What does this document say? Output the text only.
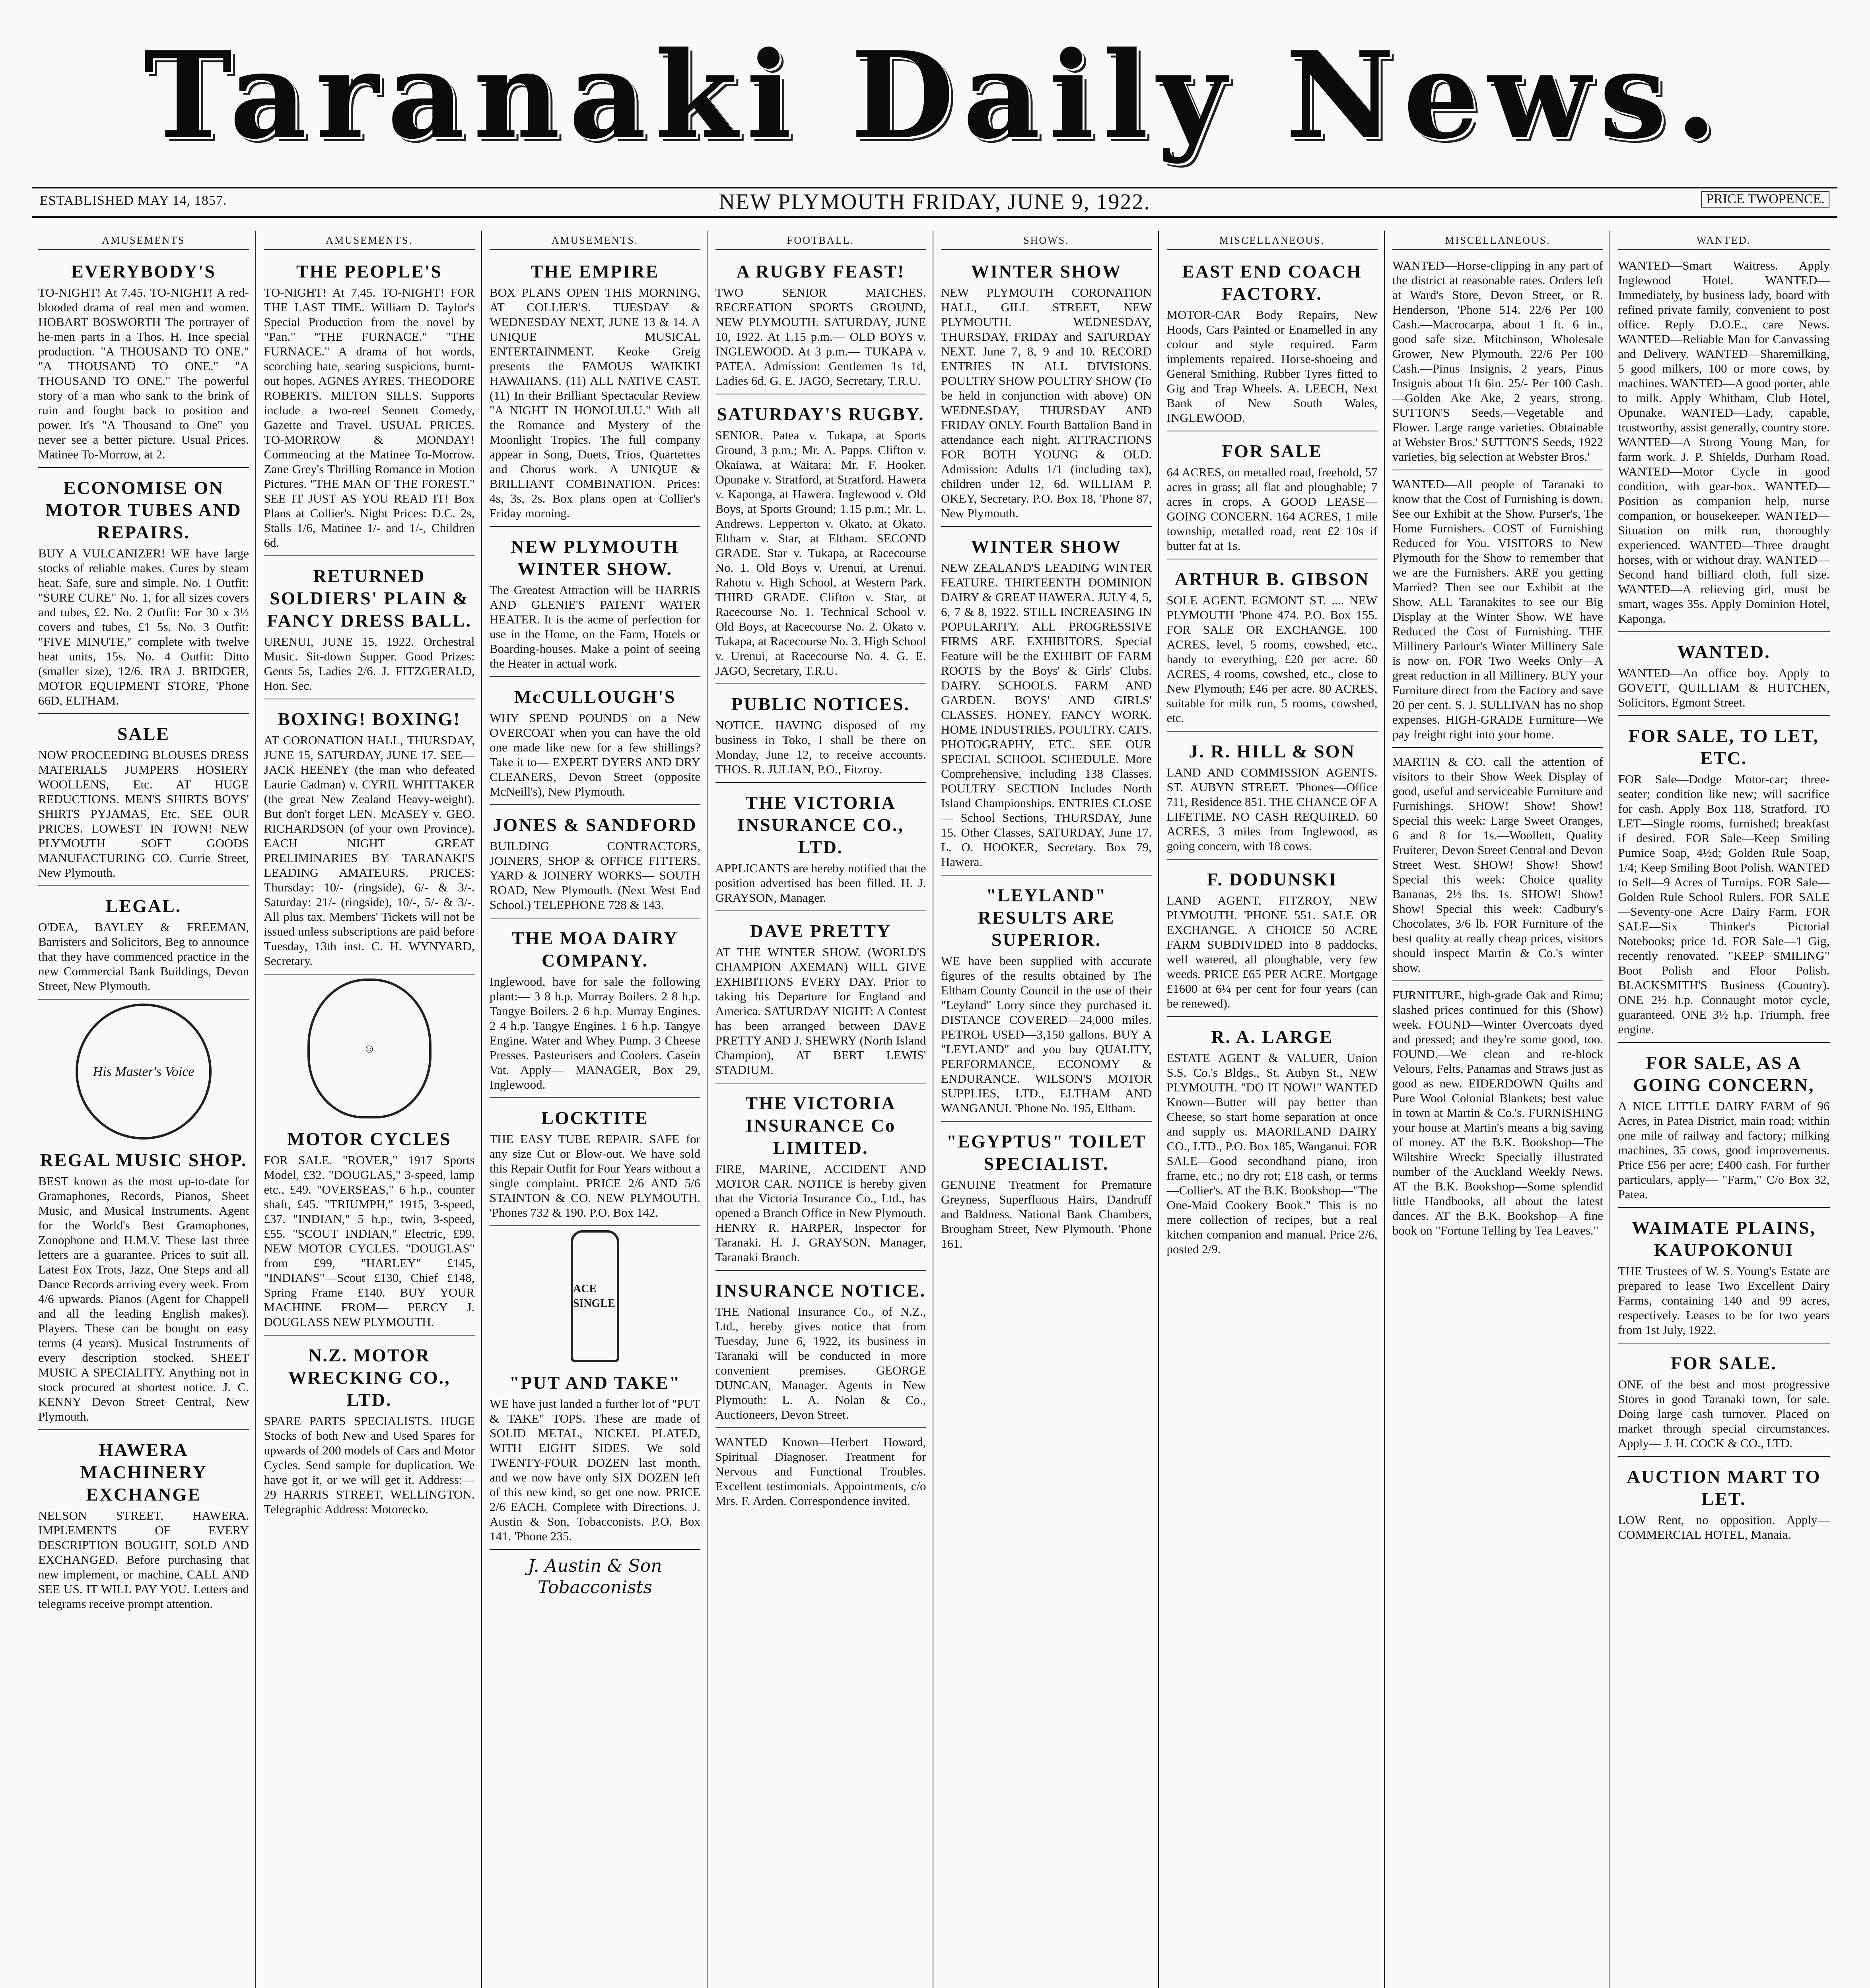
Taranaki Daily News.
ESTABLISHED MAY 14, 1857.	NEW PLYMOUTH FRIDAY, JUNE 9, 1922.	PRICE TWOPENCE.
AMUSEMENTS
EVERYBODY'S
TO-NIGHT! At 7.45. TO-NIGHT! A red-blooded drama of real men and women. HOBART BOSWORTH The portrayer of he-men parts in a Thos. H. Ince special production. "A THOUSAND TO ONE." "A THOUSAND TO ONE." "A THOUSAND TO ONE." The powerful story of a man who sank to the brink of ruin and fought back to position and power. It's "A Thousand to One" you never see a better picture. Usual Prices. Matinee To-Morrow, at 2.
ECONOMISE ON MOTOR TUBES AND REPAIRS.
BUY A VULCANIZER! WE have large stocks of reliable makes. Cures by steam heat. Safe, sure and simple. No. 1 Outfit: "SURE CURE" No. 1, for all sizes covers and tubes, £2. No. 2 Outfit: For 30 x 3½ covers and tubes, £1 5s. No. 3 Outfit: "FIVE MINUTE," complete with twelve heat units, 15s. No. 4 Outfit: Ditto (smaller size), 12/6. IRA J. BRIDGER, MOTOR EQUIPMENT STORE, 'Phone 66D, ELTHAM.
SALE
NOW PROCEEDING BLOUSES DRESS MATERIALS JUMPERS HOSIERY WOOLLENS, Etc. AT HUGE REDUCTIONS. MEN'S SHIRTS BOYS' SHIRTS PYJAMAS, Etc. SEE OUR PRICES. LOWEST IN TOWN! NEW PLYMOUTH SOFT GOODS MANUFACTURING CO. Currie Street, New Plymouth.
LEGAL.
O'DEA, BAYLEY & FREEMAN, Barristers and Solicitors, Beg to announce that they have commenced practice in the new Commercial Bank Buildings, Devon Street, New Plymouth.
His Master's Voice
REGAL MUSIC SHOP.
BEST known as the most up-to-date for Gramaphones, Records, Pianos, Sheet Music, and Musical Instruments. Agent for the World's Best Gramophones, Zonophone and H.M.V. These last three letters are a guarantee. Prices to suit all. Latest Fox Trots, Jazz, One Steps and all Dance Records arriving every week. From 4/6 upwards. Pianos (Agent for Chappell and all the leading English makes). Players. These can be bought on easy terms (4 years). Musical Instruments of every description stocked. SHEET MUSIC A SPECIALITY. Anything not in stock procured at shortest notice. J. C. KENNY Devon Street Central, New Plymouth.
HAWERA MACHINERY EXCHANGE
NELSON STREET, HAWERA. IMPLEMENTS OF EVERY DESCRIPTION BOUGHT, SOLD AND EXCHANGED. Before purchasing that new implement, or machine, CALL AND SEE US. IT WILL PAY YOU. Letters and telegrams receive prompt attention.
AMUSEMENTS.
THE PEOPLE'S
TO-NIGHT! At 7.45. TO-NIGHT! FOR THE LAST TIME. William D. Taylor's Special Production from the novel by "Pan." "THE FURNACE." "THE FURNACE." A drama of hot words, scorching hate, searing suspicions, burnt-out hopes. AGNES AYRES. THEODORE ROBERTS. MILTON SILLS. Supports include a two-reel Sennett Comedy, Gazette and Travel. USUAL PRICES. TO-MORROW & MONDAY! Commencing at the Matinee To-Morrow. Zane Grey's Thrilling Romance in Motion Pictures. "THE MAN OF THE FOREST." SEE IT JUST AS YOU READ IT! Box Plans at Collier's. Night Prices: D.C. 2s, Stalls 1/6, Matinee 1/- and 1/-, Children 6d.
RETURNED SOLDIERS' PLAIN & FANCY DRESS BALL.
URENUI, JUNE 15, 1922. Orchestral Music. Sit-down Supper. Good Prizes: Gents 5s, Ladies 2/6. J. FITZGERALD, Hon. Sec.
BOXING! BOXING!
AT CORONATION HALL, THURSDAY, JUNE 15, SATURDAY, JUNE 17. SEE— JACK HEENEY (the man who defeated Laurie Cadman) v. CYRIL WHITTAKER (the great New Zealand Heavy-weight). But don't forget LEN. McASEY v. GEO. RICHARDSON (of your own Province). EACH NIGHT GREAT PRELIMINARIES BY TARANAKI'S LEADING AMATEURS. PRICES: Thursday: 10/- (ringside), 6/- & 3/-. Saturday: 21/- (ringside), 10/-, 5/- & 3/-. All plus tax. Members' Tickets will not be issued unless subscriptions are paid before Tuesday, 13th inst. C. H. WYNYARD, Secretary.
☺
MOTOR CYCLES
FOR SALE. "ROVER," 1917 Sports Model, £32. "DOUGLAS," 3-speed, lamp etc., £49. "OVERSEAS," 6 h.p., counter shaft, £45. "TRIUMPH," 1915, 3-speed, £37. "INDIAN," 5 h.p., twin, 3-speed, £55. "SCOUT INDIAN," Electric, £99. NEW MOTOR CYCLES. "DOUGLAS" from £99, "HARLEY" £145, "INDIANS"—Scout £130, Chief £148, Spring Frame £140. BUY YOUR MACHINE FROM— PERCY J. DOUGLASS NEW PLYMOUTH.
N.Z. MOTOR WRECKING CO., LTD.
SPARE PARTS SPECIALISTS. HUGE Stocks of both New and Used Spares for upwards of 200 models of Cars and Motor Cycles. Send sample for duplication. We have got it, or we will get it. Address:— 29 HARRIS STREET, WELLINGTON. Telegraphic Address: Motorecko.
AMUSEMENTS.
THE EMPIRE
BOX PLANS OPEN THIS MORNING, AT COLLIER'S. TUESDAY & WEDNESDAY NEXT, JUNE 13 & 14. A UNIQUE MUSICAL ENTERTAINMENT. Keoke Greig presents the FAMOUS WAIKIKI HAWAIIANS. (11) ALL NATIVE CAST. (11) In their Brilliant Spectacular Review "A NIGHT IN HONOLULU." With all the Romance and Mystery of the Moonlight Tropics. The full company appear in Song, Duets, Trios, Quartettes and Chorus work. A UNIQUE & BRILLIANT COMBINATION. Prices: 4s, 3s, 2s. Box plans open at Collier's Friday morning.
NEW PLYMOUTH WINTER SHOW.
The Greatest Attraction will be HARRIS AND GLENIE'S PATENT WATER HEATER. It is the acme of perfection for use in the Home, on the Farm, Hotels or Boarding-houses. Make a point of seeing the Heater in actual work.
McCULLOUGH'S
WHY SPEND POUNDS on a New OVERCOAT when you can have the old one made like new for a few shillings? Take it to— EXPERT DYERS AND DRY CLEANERS, Devon Street (opposite McNeill's), New Plymouth.
JONES & SANDFORD
BUILDING CONTRACTORS, JOINERS, SHOP & OFFICE FITTERS. YARD & JOINERY WORKS— SOUTH ROAD, New Plymouth. (Next West End School.) TELEPHONE 728 & 143.
THE MOA DAIRY COMPANY.
Inglewood, have for sale the following plant:— 3 8 h.p. Murray Boilers. 2 8 h.p. Tangye Boilers. 2 6 h.p. Murray Engines. 2 4 h.p. Tangye Engines. 1 6 h.p. Tangye Engine. Water and Whey Pump. 3 Cheese Presses. Pasteurisers and Coolers. Casein Vat. Apply— MANAGER, Box 29, Inglewood.
LOCKTITE
THE EASY TUBE REPAIR. SAFE for any size Cut or Blow-out. We have sold this Repair Outfit for Four Years without a single complaint. PRICE 2/6 AND 5/6 STAINTON & CO. NEW PLYMOUTH. 'Phones 732 & 190. P.O. Box 142.
ACE SINGLE
"PUT AND TAKE"
WE have just landed a further lot of "PUT & TAKE" TOPS. These are made of SOLID METAL, NICKEL PLATED, WITH EIGHT SIDES. We sold TWENTY-FOUR DOZEN last month, and we now have only SIX DOZEN left of this new kind, so get one now. PRICE 2/6 EACH. Complete with Directions. J. Austin & Son, Tobacconists. P.O. Box 141. 'Phone 235.
J. Austin & Son Tobacconists
FOOTBALL.
A RUGBY FEAST!
TWO SENIOR MATCHES. RECREATION SPORTS GROUND, NEW PLYMOUTH. SATURDAY, JUNE 10, 1922. At 1.15 p.m.— OLD BOYS v. INGLEWOOD. At 3 p.m.— TUKAPA v. PATEA. Admission: Gentlemen 1s 1d, Ladies 6d. G. E. JAGO, Secretary, T.R.U.
SATURDAY'S RUGBY.
SENIOR. Patea v. Tukapa, at Sports Ground, 3 p.m.; Mr. A. Papps. Clifton v. Okaiawa, at Waitara; Mr. F. Hooker. Opunake v. Stratford, at Stratford. Hawera v. Kaponga, at Hawera. Inglewood v. Old Boys, at Sports Ground; 1.15 p.m.; Mr. L. Andrews. Lepperton v. Okato, at Okato. Eltham v. Star, at Eltham. SECOND GRADE. Star v. Tukapa, at Racecourse No. 1. Old Boys v. Urenui, at Urenui. Rahotu v. High School, at Western Park. THIRD GRADE. Clifton v. Star, at Racecourse No. 1. Technical School v. Old Boys, at Racecourse No. 2. Okato v. Tukapa, at Racecourse No. 3. High School v. Urenui, at Racecourse No. 4. G. E. JAGO, Secretary, T.R.U.
PUBLIC NOTICES.
NOTICE. HAVING disposed of my business in Toko, I shall be there on Monday, June 12, to receive accounts. THOS. R. JULIAN, P.O., Fitzroy.
THE VICTORIA INSURANCE CO., LTD.
APPLICANTS are hereby notified that the position advertised has been filled. H. J. GRAYSON, Manager.
DAVE PRETTY
AT THE WINTER SHOW. (WORLD'S CHAMPION AXEMAN) WILL GIVE EXHIBITIONS EVERY DAY. Prior to taking his Departure for England and America. SATURDAY NIGHT: A Contest has been arranged between DAVE PRETTY AND J. SHEWRY (North Island Champion), AT BERT LEWIS' STADIUM.
THE VICTORIA INSURANCE Co LIMITED.
FIRE, MARINE, ACCIDENT AND MOTOR CAR. NOTICE is hereby given that the Victoria Insurance Co., Ltd., has opened a Branch Office in New Plymouth. HENRY R. HARPER, Inspector for Taranaki. H. J. GRAYSON, Manager, Taranaki Branch.
INSURANCE NOTICE.
THE National Insurance Co., of N.Z., Ltd., hereby gives notice that from Tuesday, June 6, 1922, its business in Taranaki will be conducted in more convenient premises. GEORGE DUNCAN, Manager. Agents in New Plymouth: L. A. Nolan & Co., Auctioneers, Devon Street.
WANTED Known—Herbert Howard, Spiritual Diagnoser. Treatment for Nervous and Functional Troubles. Excellent testimonials. Appointments, c/o Mrs. F. Arden. Correspondence invited.
SHOWS.
WINTER SHOW
NEW PLYMOUTH CORONATION HALL, GILL STREET, NEW PLYMOUTH. WEDNESDAY, THURSDAY, FRIDAY and SATURDAY NEXT. June 7, 8, 9 and 10. RECORD ENTRIES IN ALL DIVISIONS. POULTRY SHOW POULTRY SHOW (To be held in conjunction with above) ON WEDNESDAY, THURSDAY AND FRIDAY ONLY. Fourth Battalion Band in attendance each night. ATTRACTIONS FOR BOTH YOUNG & OLD. Admission: Adults 1/1 (including tax), children under 12, 6d. WILLIAM P. OKEY, Secretary. P.O. Box 18, 'Phone 87, New Plymouth.
WINTER SHOW
NEW ZEALAND'S LEADING WINTER FEATURE. THIRTEENTH DOMINION DAIRY & GREAT HAWERA. JULY 4, 5, 6, 7 & 8, 1922. STILL INCREASING IN POPULARITY. ALL PROGRESSIVE FIRMS ARE EXHIBITORS. Special Feature will be the EXHIBIT OF FARM ROOTS by the Boys' & Girls' Clubs. DAIRY. SCHOOLS. FARM AND GARDEN. BOYS' AND GIRLS' CLASSES. HONEY. FANCY WORK. HOME INDUSTRIES. POULTRY. CATS. PHOTOGRAPHY, ETC. SEE OUR SPECIAL SCHOOL SCHEDULE. More Comprehensive, including 138 Classes. POULTRY SECTION Includes North Island Championships. ENTRIES CLOSE— School Sections, THURSDAY, June 15. Other Classes, SATURDAY, June 17. L. O. HOOKER, Secretary. Box 79, Hawera.
"LEYLAND" RESULTS ARE SUPERIOR.
WE have been supplied with accurate figures of the results obtained by The Eltham County Council in the use of their "Leyland" Lorry since they purchased it. DISTANCE COVERED—24,000 miles. PETROL USED—3,150 gallons. BUY A "LEYLAND" and you buy QUALITY, PERFORMANCE, ECONOMY & ENDURANCE. WILSON'S MOTOR SUPPLIES, LTD., ELTHAM AND WANGANUI. 'Phone No. 195, Eltham.
"EGYPTUS" TOILET SPECIALIST.
GENUINE Treatment for Premature Greyness, Superfluous Hairs, Dandruff and Baldness. National Bank Chambers, Brougham Street, New Plymouth. 'Phone 161.
MISCELLANEOUS.
EAST END COACH FACTORY.
MOTOR-CAR Body Repairs, New Hoods, Cars Painted or Enamelled in any colour and style required. Farm implements repaired. Horse-shoeing and General Smithing. Rubber Tyres fitted to Gig and Trap Wheels. A. LEECH, Next Bank of New South Wales, INGLEWOOD.
FOR SALE
64 ACRES, on metalled road, freehold, 57 acres in grass; all flat and ploughable; 7 acres in crops. A GOOD LEASE—GOING CONCERN. 164 ACRES, 1 mile township, metalled road, rent £2 10s if butter fat at 1s.
ARTHUR B. GIBSON
SOLE AGENT. EGMONT ST. .... NEW PLYMOUTH 'Phone 474. P.O. Box 155. FOR SALE OR EXCHANGE. 100 ACRES, level, 5 rooms, cowshed, etc., handy to everything, £20 per acre. 60 ACRES, 4 rooms, cowshed, etc., close to New Plymouth; £46 per acre. 80 ACRES, suitable for milk run, 5 rooms, cowshed, etc.
J. R. HILL & SON
LAND AND COMMISSION AGENTS. ST. AUBYN STREET. 'Phones—Office 711, Residence 851. THE CHANCE OF A LIFETIME. NO CASH REQUIRED. 60 ACRES, 3 miles from Inglewood, as going concern, with 18 cows.
F. DODUNSKI
LAND AGENT, FITZROY, NEW PLYMOUTH. 'PHONE 551. SALE OR EXCHANGE. A CHOICE 50 ACRE FARM SUBDIVIDED into 8 paddocks, well watered, all ploughable, very few weeds. PRICE £65 PER ACRE. Mortgage £1600 at 6¼ per cent for four years (can be renewed).
R. A. LARGE
ESTATE AGENT & VALUER, Union S.S. Co.'s Bldgs., St. Aubyn St., NEW PLYMOUTH. "DO IT NOW!" WANTED Known—Butter will pay better than Cheese, so start home separation at once and supply us. MAORILAND DAIRY CO., LTD., P.O. Box 185, Wanganui. FOR SALE—Good secondhand piano, iron frame, etc.; no dry rot; £18 cash, or terms—Collier's. AT the B.K. Bookshop—"The One-Maid Cookery Book." This is no mere collection of recipes, but a real kitchen companion and manual. Price 2/6, posted 2/9.
MISCELLANEOUS.
WANTED—Horse-clipping in any part of the district at reasonable rates. Orders left at Ward's Store, Devon Street, or R. Henderson, 'Phone 514. 22/6 Per 100 Cash.—Macrocarpa, about 1 ft. 6 in., good safe size. Mitchinson, Wholesale Grower, New Plymouth. 22/6 Per 100 Cash.—Pinus Insignis, 2 years, Pinus Insignis about 1ft 6in. 25/- Per 100 Cash.—Golden Ake Ake, 2 years, strong. SUTTON'S Seeds.—Vegetable and Flower. Large range varieties. Obtainable at Webster Bros.' SUTTON'S Seeds, 1922 varieties, big selection at Webster Bros.'
WANTED—All people of Taranaki to know that the Cost of Furnishing is down. See our Exhibit at the Show. Purser's, The Home Furnishers. COST of Furnishing Reduced for You. VISITORS to New Plymouth for the Show to remember that we are the Furnishers. ARE you getting Married? Then see our Exhibit at the Show. ALL Taranakites to see our Big Display at the Winter Show. WE have Reduced the Cost of Furnishing. THE Millinery Parlour's Winter Millinery Sale is now on. FOR Two Weeks Only—A great reduction in all Millinery. BUY your Furniture direct from the Factory and save 20 per cent. S. J. SULLIVAN has no shop expenses. HIGH-GRADE Furniture—We pay freight right into your home.
MARTIN & CO. call the attention of visitors to their Show Week Display of good, useful and serviceable Furniture and Furnishings. SHOW! Show! Show! Special this week: Large Sweet Oranges, 6 and 8 for 1s.—Woollett, Quality Fruiterer, Devon Street Central and Devon Street West. SHOW! Show! Show! Special this week: Choice quality Bananas, 2½ lbs. 1s. SHOW! Show! Show! Special this week: Cadbury's Chocolates, 3/6 lb. FOR Furniture of the best quality at really cheap prices, visitors should inspect Martin & Co.'s winter show.
FURNITURE, high-grade Oak and Rimu; slashed prices continued for this (Show) week. FOUND—Winter Overcoats dyed and pressed; and they're some good, too. FOUND.—We clean and re-block Velours, Felts, Panamas and Straws just as good as new. EIDERDOWN Quilts and Pure Wool Colonial Blankets; best value in town at Martin & Co.'s. FURNISHING your house at Martin's means a big saving of money. AT the B.K. Bookshop—The Wiltshire Wreck: Specially illustrated number of the Auckland Weekly News. AT the B.K. Bookshop—Some splendid little Handbooks, all about the latest dances. AT the B.K. Bookshop—A fine book on "Fortune Telling by Tea Leaves."
WANTED.
WANTED—Smart Waitress. Apply Inglewood Hotel. WANTED—Immediately, by business lady, board with refined private family, convenient to post office. Reply D.O.E., care News. WANTED—Reliable Man for Canvassing and Delivery. WANTED—Sharemilking, 5 good milkers, 100 or more cows, by machines. WANTED—A good porter, able to milk. Apply Whitham, Club Hotel, Opunake. WANTED—Lady, capable, trustworthy, assist generally, country store. WANTED—A Strong Young Man, for farm work. J. P. Shields, Durham Road. WANTED—Motor Cycle in good condition, with gear-box. WANTED—Position as companion help, nurse companion, or housekeeper. WANTED—Situation on milk run, thoroughly experienced. WANTED—Three draught horses, with or without dray. WANTED—Second hand billiard cloth, full size. WANTED—A relieving girl, must be smart, wages 35s. Apply Dominion Hotel, Kaponga.
WANTED.
WANTED—An office boy. Apply to GOVETT, QUILLIAM & HUTCHEN, Solicitors, Egmont Street.
FOR SALE, TO LET, ETC.
FOR Sale—Dodge Motor-car; three-seater; condition like new; will sacrifice for cash. Apply Box 118, Stratford. TO LET—Single rooms, furnished; breakfast if desired. FOR Sale—Keep Smiling Pumice Soap, 4½d; Golden Rule Soap, 1/4; Keep Smiling Boot Polish. WANTED to Sell—9 Acres of Turnips. FOR Sale—Golden Rule School Rulers. FOR SALE—Seventy-one Acre Dairy Farm. FOR SALE—Six Thinker's Pictorial Notebooks; price 1d. FOR Sale—1 Gig, recently renovated. "KEEP SMILING" Boot Polish and Floor Polish. BLACKSMITH'S Business (Country). ONE 2½ h.p. Connaught motor cycle, guaranteed. ONE 3½ h.p. Triumph, free engine.
FOR SALE, AS A GOING CONCERN,
A NICE LITTLE DAIRY FARM of 96 Acres, in Patea District, main road; within one mile of railway and factory; milking machines, 35 cows, good improvements. Price £56 per acre; £400 cash. For further particulars, apply— "Farm," C/o Box 32, Patea.
WAIMATE PLAINS, KAUPOKONUI
THE Trustees of W. S. Young's Estate are prepared to lease Two Excellent Dairy Farms, containing 140 and 99 acres, respectively. Leases to be for two years from 1st July, 1922.
FOR SALE.
ONE of the best and most progressive Stores in good Taranaki town, for sale. Doing large cash turnover. Placed on market through special circumstances. Apply— J. H. COCK & CO., LTD.
AUCTION MART TO LET.
LOW Rent, no opposition. Apply— COMMERCIAL HOTEL, Manaia.
